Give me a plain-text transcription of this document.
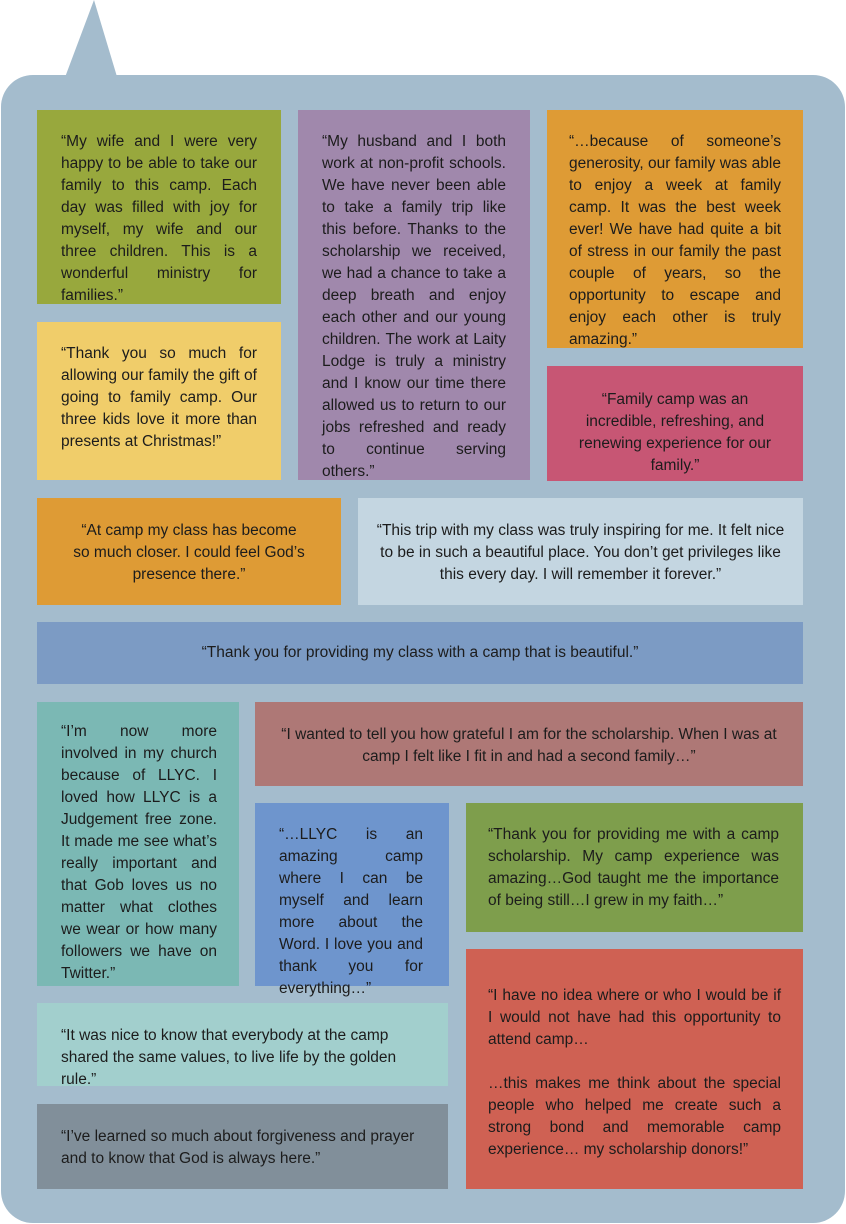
“My wife and I were very happy to be able to take our family to this camp. Each day was filled with joy for myself, my wife and our three children. This is a wonderful ministry for families.”

“My husband and I both work at non-profit schools. We have never been able to take a family trip like this before. Thanks to the scholarship we received, we had a chance to take a deep breath and enjoy each other and our young children. The work at Laity Lodge is truly a ministry and I know our time there allowed us to return to our jobs refreshed and ready to continue serving others.”

“…because of someone’s generosity, our family was able to enjoy a week at family camp. It was the best week ever! We have had quite a bit of stress in our family the past couple of years, so the opportunity to escape and enjoy each other is truly amazing.”

“Thank you so much for allowing our family the gift of going to family camp. Our three kids love it more than presents at Christmas!”

“Family camp was an incredible, refreshing, and renewing experience for our family.”

“At camp my class has become so much closer. I could feel God’s presence there.”

“This trip with my class was truly inspiring for me. It felt nice to be in such a beautiful place. You don’t get privileges like this every day. I will remember it forever.”

“Thank you for providing my class with a camp that is beautiful.”

“I’m now more involved in my church because of LLYC. I loved how LLYC is a Judgement free zone. It made me see what’s really important and that Gob loves us no matter what clothes we wear or how many followers we have on Twitter.”

“I wanted to tell you how grateful I am for the scholarship. When I was at camp I felt like I fit in and had a second family…”

“…LLYC is an amazing camp where I can be myself and learn more about the Word. I love you and thank you for everything…”

“Thank you for providing me with a camp scholarship. My camp experience was amazing…God taught me the importance of being still…I grew in my faith…”

“I have no idea where or who I would be if I would not have had this opportunity to attend camp…

…this makes me think about the special people who helped me create such a strong bond and memorable camp experience… my scholarship donors!”

“It was nice to know that everybody at the camp shared the same values, to live life by the golden rule.”

“I’ve learned so much about forgiveness and prayer and to know that God is always here.”
